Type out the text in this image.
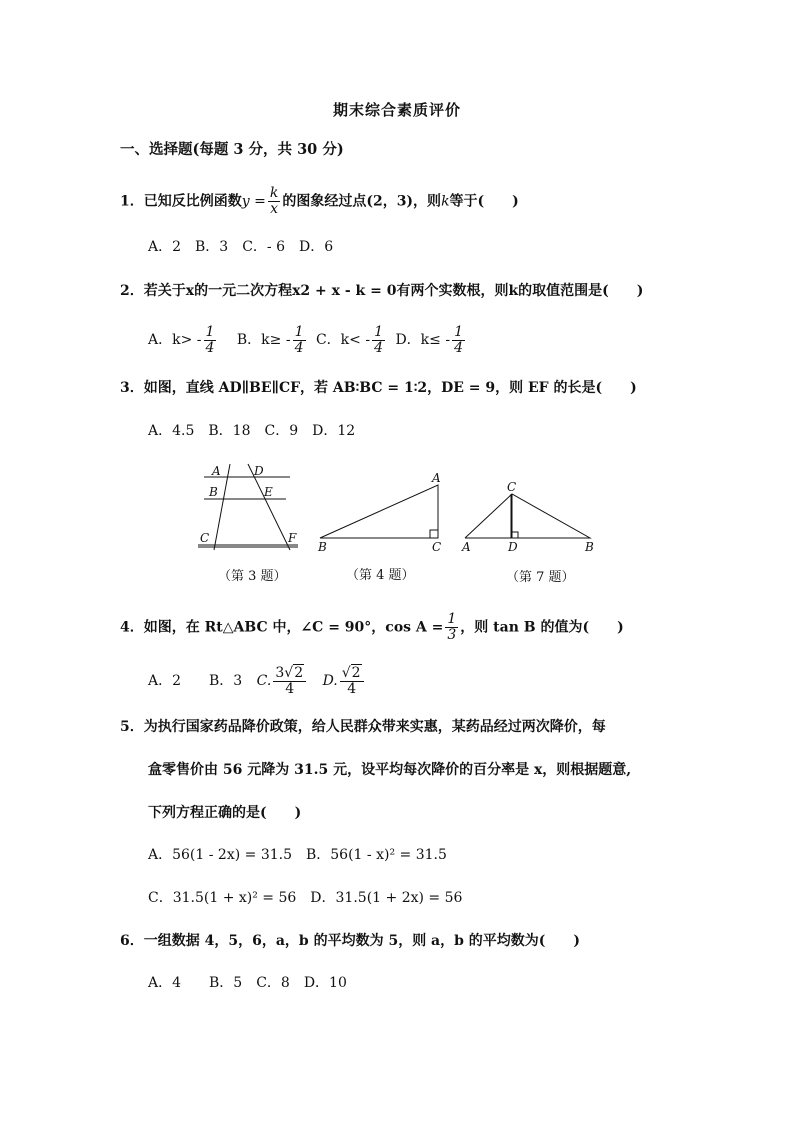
期末综合素质评价
一、选择题(每题 3 分，共 30 分)
1．已知反比例函数$y = \frac{k}{x}$ 的图象经过点(2，3)，则k等于(　　)
A．2　B．3　C．- 6　D．6
2．若关于x的一元二次方程x2 + x - k = 0有两个实数根，则k的取值范围是(　　)
A．$k> - \frac{1}{4}$ B．$k\ge - \frac{1}{4}$ C．$k< - \frac{1}{4}$ D．$k\le - \frac{1}{4}$
3．如图，直线 AD∥BE∥CF，若 AB∶BC = 1∶2，DE = 9，则 EF 的长是(　　)
A．4.5　B．18　C．9　D．12
A	D
B	E
C	F
（第 3 题）
A
B	C
（第 4 题）
C
A	D	B
（第 7 题）
4．如图，在 Rt△ABC 中，∠C = 90°，$\cos A = \frac{1}{3}$ ，则 tan B 的值为(　　)
A．2　　B．3 C. $\frac{3√2}{4} D$. $\frac{√2}{4}$
5．为执行国家药品降价政策，给人民群众带来实惠，某药品经过两次降价，每
盒零售价由 56 元降为 31.5 元，设平均每次降价的百分率是 x，则根据题意,
下列方程正确的是(　　)
A．56(1 - 2x) = 31.5　B．56(1 - x)² = 31.5
C．31.5(1 + x)² = 56　D．31.5(1 + 2x) = 56
6．一组数据 4，5，6，a，b 的平均数为 5，则 a，b 的平均数为(　　)
A．4　　B．5　C．8　D．10
